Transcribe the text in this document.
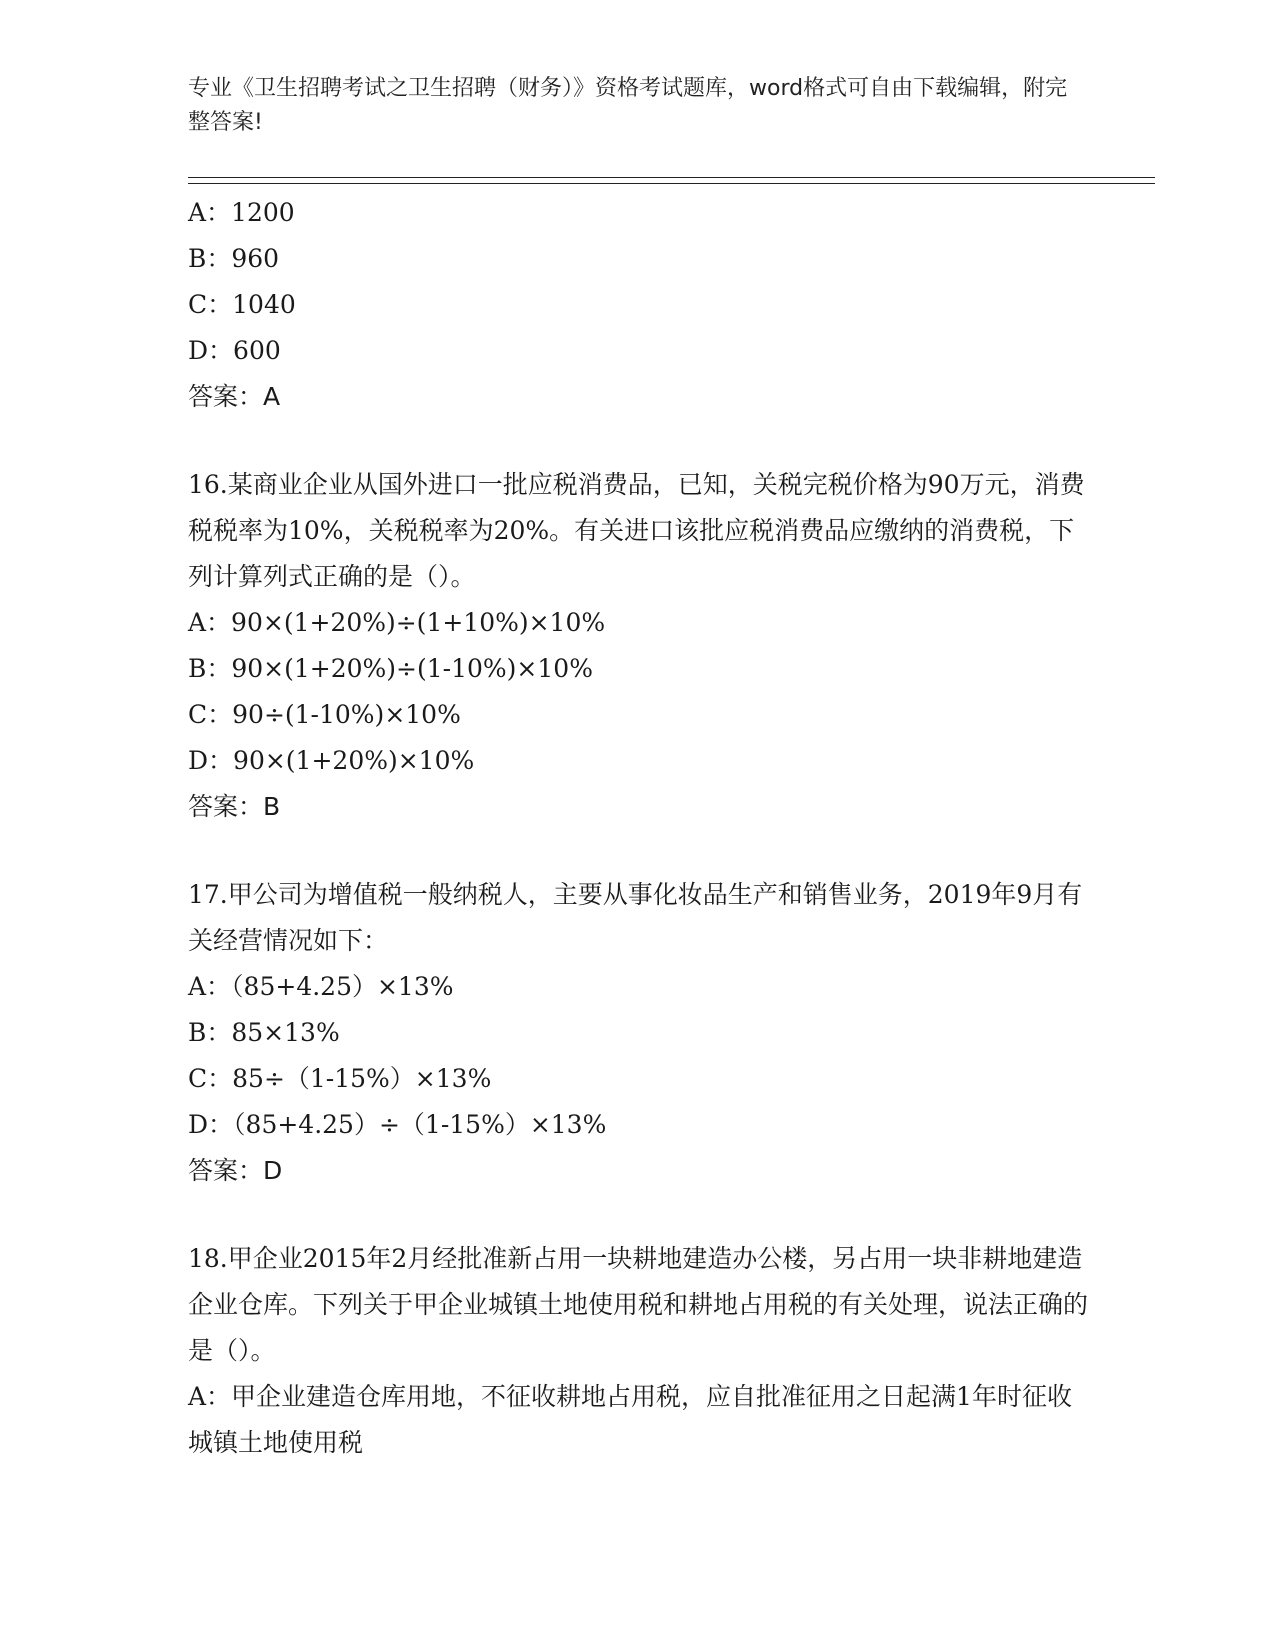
专业《卫生招聘考试之卫生招聘（财务）》资格考试题库，word格式可自由下载编辑，附完整答案!
A：1200
B：960
C：1040
D：600
答案：A
16.某商业企业从国外进口一批应税消费品，已知，关税完税价格为90万元，消费税税率为10%，关税税率为20%。有关进口该批应税消费品应缴纳的消费税，下列计算列式正确的是（）。
A：90×(1+20%)÷(1+10%)×10%
B：90×(1+20%)÷(1-10%)×10%
C：90÷(1-10%)×10%
D：90×(1+20%)×10%
答案：B
17.甲公司为增值税一般纳税人，主要从事化妆品生产和销售业务，2019年9月有关经营情况如下：
A：（85+4.25）×13%
B：85×13%
C：85÷（1-15%）×13%
D：（85+4.25）÷（1-15%）×13%
答案：D
18.甲企业2015年2月经批准新占用一块耕地建造办公楼，另占用一块非耕地建造企业仓库。下列关于甲企业城镇土地使用税和耕地占用税的有关处理，说法正确的是（）。
A：甲企业建造仓库用地，不征收耕地占用税，应自批准征用之日起满1年时征收城镇土地使用税
